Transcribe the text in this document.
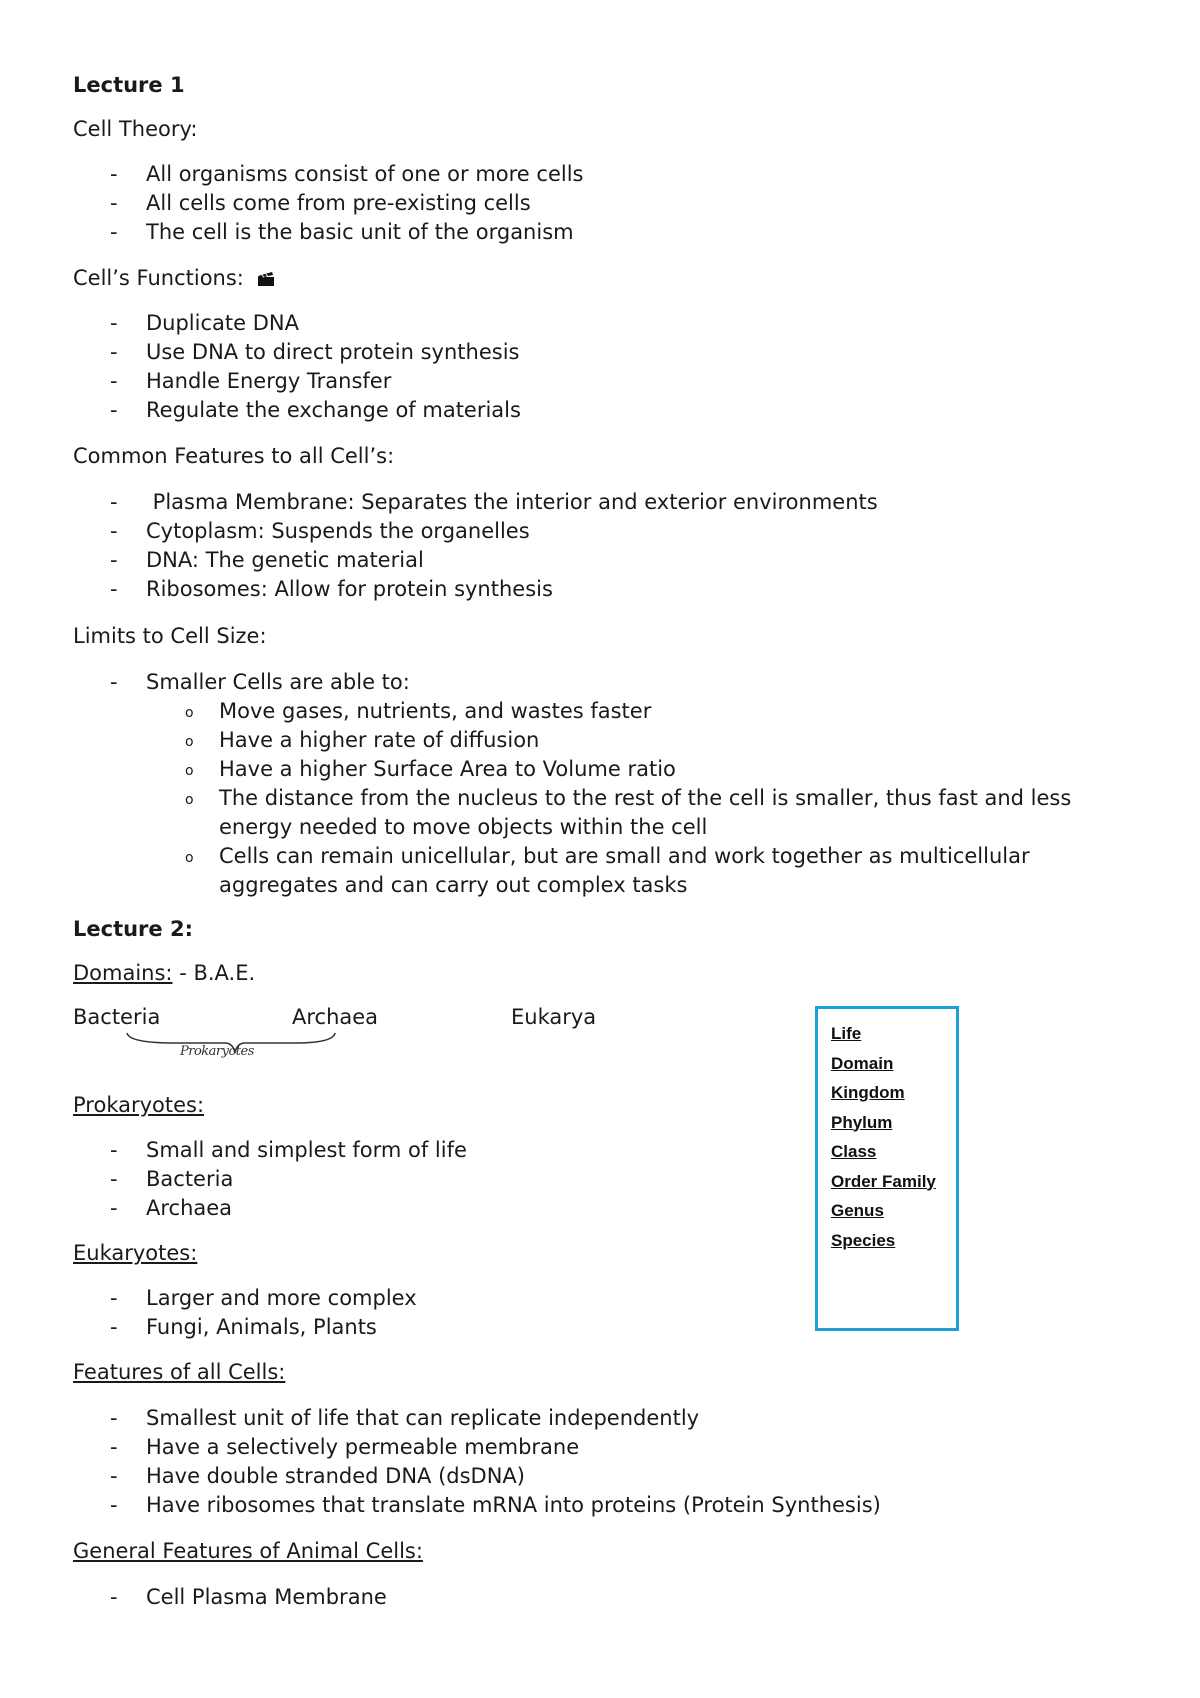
Lecture 1
Cell Theory:
- All organisms consist of one or more cells
- All cells come from pre-existing cells
- The cell is the basic unit of the organism
Cell’s Functions:
- Duplicate DNA
- Use DNA to direct protein synthesis
- Handle Energy Transfer
- Regulate the exchange of materials
Common Features to all Cell’s:
-  Plasma Membrane: Separates the interior and exterior environments
- Cytoplasm: Suspends the organelles
- DNA: The genetic material
- Ribosomes: Allow for protein synthesis
Limits to Cell Size:
- Smaller Cells are able to:
o Move gases, nutrients, and wastes faster
o Have a higher rate of diffusion
o Have a higher Surface Area to Volume ratio
o The distance from the nucleus to the rest of the cell is smaller, thus fast and less energy needed to move objects within the cell
o Cells can remain unicellular, but are small and work together as multicellular aggregates and can carry out complex tasks
Lecture 2:
Domains: - B.A.E.
Bacteria	Archaea	Eukarya
Prokaryotes
Prokaryotes:
- Small and simplest form of life
- Bacteria
- Archaea
Eukaryotes:
- Larger and more complex
- Fungi, Animals, Plants
Features of all Cells:
- Smallest unit of life that can replicate independently
- Have a selectively permeable membrane
- Have double stranded DNA (dsDNA)
- Have ribosomes that translate mRNA into proteins (Protein Synthesis)
General Features of Animal Cells:
- Cell Plasma Membrane
Life
Domain
Kingdom
Phylum
Class
Order Family
Genus
Species
